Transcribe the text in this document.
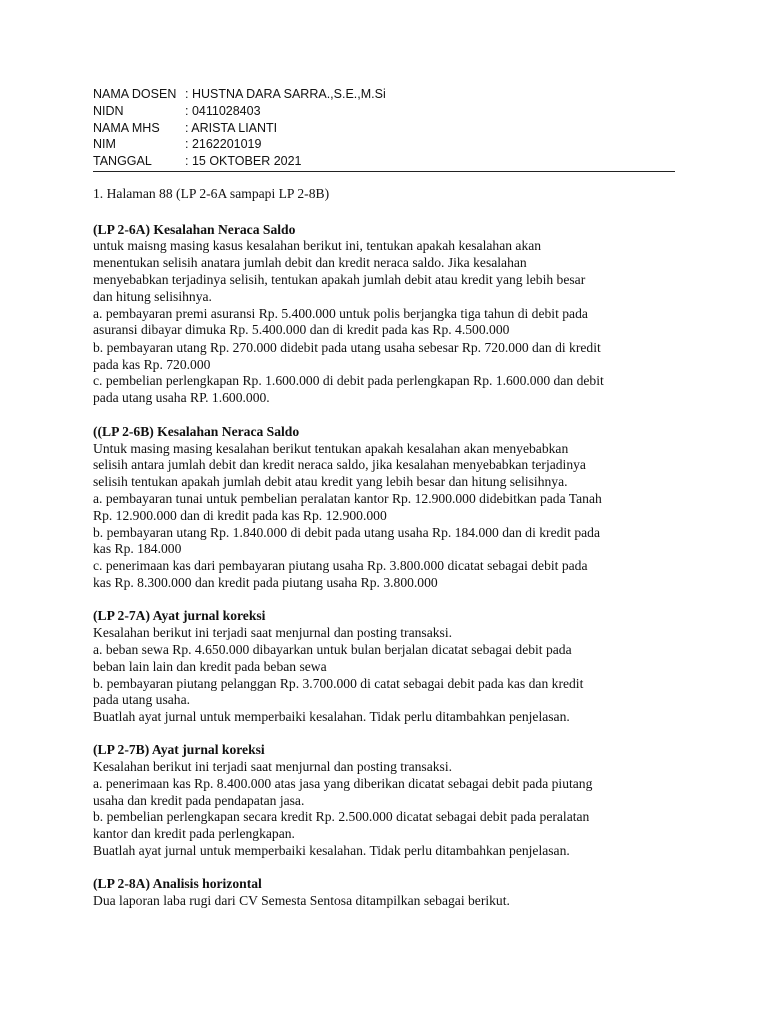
NAMA DOSEN : HUSTNA DARA SARRA.,S.E.,M.Si
NIDN	: 0411028403
NAMA MHS	: ARISTA LIANTI
NIM	: 2162201019
TANGGAL	: 15 OKTOBER 2021
1. Halaman 88 (LP 2-6A sampapi LP 2-8B)
(LP 2-6A) Kesalahan Neraca Saldo
untuk maisng masing kasus kesalahan berikut ini, tentukan apakah kesalahan akan
menentukan selisih anatara jumlah debit dan kredit neraca saldo. Jika kesalahan
menyebabkan terjadinya selisih, tentukan apakah jumlah debit atau kredit yang lebih besar
dan hitung selisihnya.
a. pembayaran premi asuransi Rp. 5.400.000 untuk polis berjangka tiga tahun di debit pada
asuransi dibayar dimuka Rp. 5.400.000 dan di kredit pada kas Rp. 4.500.000
b. pembayaran utang Rp. 270.000 didebit pada utang usaha sebesar Rp. 720.000 dan di kredit
pada kas Rp. 720.000
c. pembelian perlengkapan Rp. 1.600.000 di debit pada perlengkapan Rp. 1.600.000 dan debit
pada utang usaha RP. 1.600.000.
((LP 2-6B) Kesalahan Neraca Saldo
Untuk masing masing kesalahan berikut tentukan apakah kesalahan akan menyebabkan
selisih antara jumlah debit dan kredit neraca saldo, jika kesalahan menyebabkan terjadinya
selisih tentukan apakah jumlah debit atau kredit yang lebih besar dan hitung selisihnya.
a. pembayaran tunai untuk pembelian peralatan kantor Rp. 12.900.000 didebitkan pada Tanah
Rp. 12.900.000 dan di kredit pada kas Rp. 12.900.000
b. pembayaran utang Rp. 1.840.000 di debit pada utang usaha Rp. 184.000 dan di kredit pada
kas Rp. 184.000
c. penerimaan kas dari pembayaran piutang usaha Rp. 3.800.000 dicatat sebagai debit pada
kas Rp. 8.300.000 dan kredit pada piutang usaha Rp. 3.800.000
(LP 2-7A) Ayat jurnal koreksi
Kesalahan berikut ini terjadi saat menjurnal dan posting transaksi.
a. beban sewa Rp. 4.650.000 dibayarkan untuk bulan berjalan dicatat sebagai debit pada
beban lain lain dan kredit pada beban sewa
b. pembayaran piutang pelanggan Rp. 3.700.000 di catat sebagai debit pada kas dan kredit
pada utang usaha.
Buatlah ayat jurnal untuk memperbaiki kesalahan. Tidak perlu ditambahkan penjelasan.
(LP 2-7B) Ayat jurnal koreksi
Kesalahan berikut ini terjadi saat menjurnal dan posting transaksi.
a. penerimaan kas Rp. 8.400.000 atas jasa yang diberikan dicatat sebagai debit pada piutang
usaha dan kredit pada pendapatan jasa.
b. pembelian perlengkapan secara kredit Rp. 2.500.000 dicatat sebagai debit pada peralatan
kantor dan kredit pada perlengkapan.
Buatlah ayat jurnal untuk memperbaiki kesalahan. Tidak perlu ditambahkan penjelasan.
(LP 2-8A) Analisis horizontal
Dua laporan laba rugi dari CV Semesta Sentosa ditampilkan sebagai berikut.
